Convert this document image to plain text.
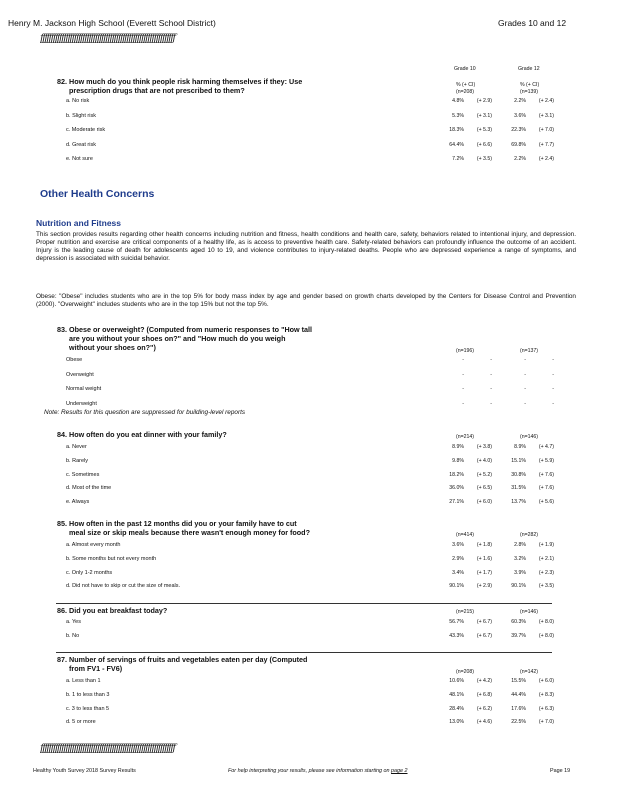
Henry M. Jackson High School (Everett School District)	Grades 10 and 12
ƒƒƒƒƒƒƒƒƒƒƒƒƒƒƒƒƒƒƒƒƒƒƒƒƒƒƒƒƒƒƒƒƒƒƒƒƒƒƒƒƒƒƒƒƒƒƒƒƒƒƒƒƒƒƒƒƒƒƒƒƒƒƒƒ
Grade 10	Grade 12
% (+ CI)	% (+ CI)
(n=208)	(n=139)
82. How much do you think people risk harming themselves if they: Use
prescription drugs that are not prescribed to them?
a. No risk	4.8%	(+ 2.9)	2.2%	(+ 2.4)
b. Slight risk	5.3%	(+ 3.1)	3.6%	(+ 3.1)
c. Moderate risk	18.3%	(+ 5.3)	22.3%	(+ 7.0)
d. Great risk	64.4%	(+ 6.6)	69.8%	(+ 7.7)
e. Not sure	7.2%	(+ 3.5)	2.2%	(+ 2.4)
Other Health Concerns
Nutrition and Fitness
This section provides results regarding other health concerns including nutrition and fitness, health conditions and health care, safety, behaviors related to intentional injury, and depression. Proper nutrition and exercise are critical components of a healthy life, as is access to preventive health care. Safety-related behaviors can profoundly influence the outcome of an accident. Injury is the leading cause of death for adolescents aged 10 to 19, and violence contributes to injury-related deaths. People who are depressed experience a range of symptoms, and depression is associated with suicidal behavior.
Obese: "Obese" includes students who are in the top 5% for body mass index by age and gender based on growth charts developed by the Centers for Disease Control and Prevention (2000). "Overweight" includes students who are in the top 15% but not the top 5%.
83. Obese or overweight? (Computed from numeric responses to "How tall
are you without your shoes on?" and "How much do you weigh
without your shoes on?")	(n=196)	(n=137)
Obese	-	-	-	-
Overweight	-	-	-	-
Normal weight	-	-	-	-
Underweight	-	-	-	-
Note: Results for this question are suppressed for building-level reports
84. How often do you eat dinner with your family?	(n=214)	(n=146)
a. Never	8.9%	(+ 3.8)	8.9%	(+ 4.7)
b. Rarely	9.8%	(+ 4.0)	15.1%	(+ 5.9)
c. Sometimes	18.2%	(+ 5.2)	30.8%	(+ 7.6)
d. Most of the time	36.0%	(+ 6.5)	31.5%	(+ 7.6)
e. Always	27.1%	(+ 6.0)	13.7%	(+ 5.6)
85. How often in the past 12 months did you or your family have to cut
meal size or skip meals because there wasn't enough money for food?	(n=414)	(n=282)
a. Almost every month	3.6%	(+ 1.8)	2.8%	(+ 1.9)
b. Some months but not every month	2.9%	(+ 1.6)	3.2%	(+ 2.1)
c. Only 1-2 months	3.4%	(+ 1.7)	3.9%	(+ 2.3)
d. Did not have to skip or cut the size of meals.	90.1%	(+ 2.9)	90.1%	(+ 3.5)
86. Did you eat breakfast today?	(n=215)	(n=146)
a. Yes	56.7%	(+ 6.7)	60.3%	(+ 8.0)
b. No	43.3%	(+ 6.7)	39.7%	(+ 8.0)
87. Number of servings of fruits and vegetables eaten per day (Computed
from FV1 - FV6)	(n=208)	(n=142)
a. Less than 1	10.6%	(+ 4.2)	15.5%	(+ 6.0)
b. 1 to less than 3	48.1%	(+ 6.8)	44.4%	(+ 8.3)
c. 3 to less than 5	28.4%	(+ 6.2)	17.6%	(+ 6.3)
d. 5 or more	13.0%	(+ 4.6)	22.5%	(+ 7.0)
ƒƒƒƒƒƒƒƒƒƒƒƒƒƒƒƒƒƒƒƒƒƒƒƒƒƒƒƒƒƒƒƒƒƒƒƒƒƒƒƒƒƒƒƒƒƒƒƒƒƒƒƒƒƒƒƒƒƒƒƒƒƒƒƒ
Healthy Youth Survey 2018 Survey Results	For help interpreting your results, please see information starting on page 2	Page 19
